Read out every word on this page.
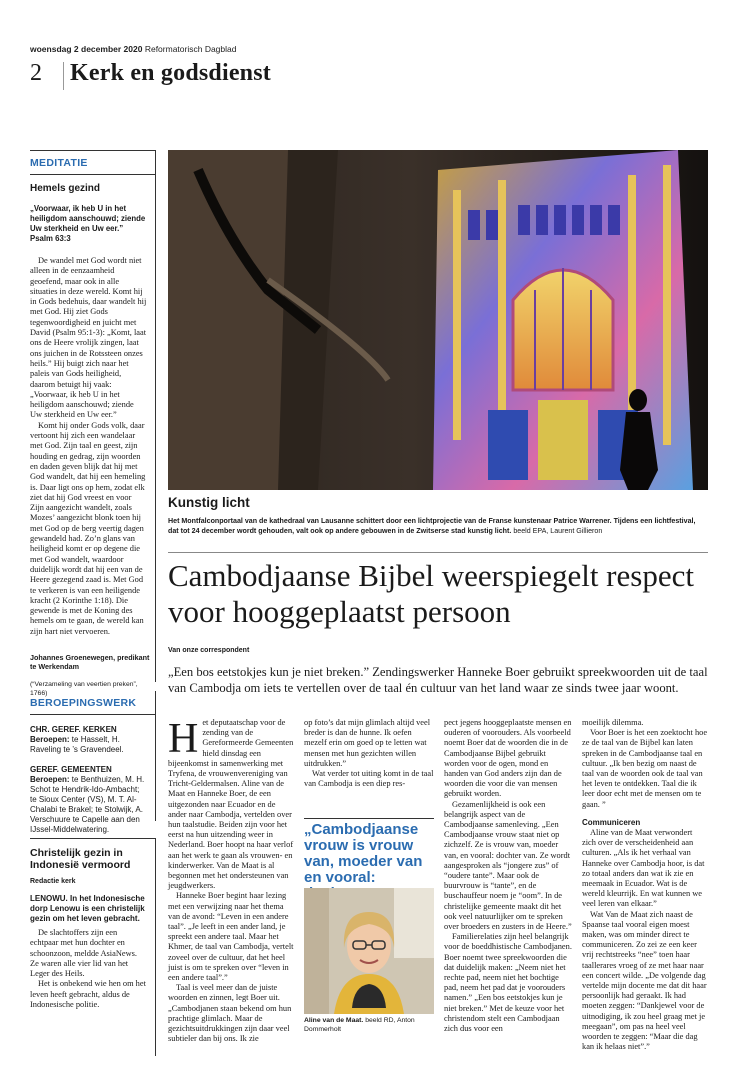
woensdag 2 december 2020 Reformatorisch Dagblad
2 Kerk en godsdienst
MEDITATIE
Hemels gezind
„Voorwaar, ik heb U in het heiligdom aanschouwd; ziende Uw sterkheid en Uw eer.”
Psalm 63:3

De wandel met God wordt niet alleen in de eenzaamheid geoefend, maar ook in alle situaties in deze wereld. Komt hij in Gods bedehuis, daar wandelt hij met God. Hij ziet Gods tegenwoordigheid en juicht met David (Psalm 95:1-3): „Komt, laat ons de Heere vrolijk zingen, laat ons juichen in de Rotssteen onzes heils.” Hij buigt zich naar het paleis van Gods heiligheid, daarom betuigt hij vaak: „Voorwaar, ik heb U in het heiligdom aanschouwd; ziende Uw sterkheid en Uw eer.”

Komt hij onder Gods volk, daar vertoont hij zich een wandelaar met God. Zijn taal en geest, zijn houding en gedrag, zijn woorden en daden geven blijk dat hij met God wandelt, dat hij een hemeling is. Daar ligt ons op hem, zodat elk ziet dat hij God vreest en voor Zijn aangezicht wandelt, zoals Mozes’ aangezicht blonk toen hij met God op de berg veertig dagen gewandeld had. Zo’n glans van heiligheid komt er op degene die met God wandelt, waardoor duidelijk wordt dat hij een van de Heere gezegend zaad is. Met God te verkeren is van een heiligende kracht (2 Korinthe 1:18). Die gewende is met de Koning des hemels om te gaan, de wereld kan zijn hart niet vervoeren.

Johannes Groenewegen, predikant te Werkendam
(“Verzameling van veertien preken”, 1766)
BEROEPINGSWERK
CHR. GEREF. KERKEN
Beroepen: te Hasselt, H. Raveling te ’s Gravendeel.
GEREF. GEMEENTEN
Beroepen: te Benthuizen, M. H. Schot te Hendrik-Ido-Ambacht; te Sioux Center (VS), M. T. Al-Chalabi te Brakel; te Stolwijk, A. Verschuure te Capelle aan den IJssel-Middelwatering.
Christelijk gezin in Indonesië vermoord
Redactie kerk
LENOWU. In het Indonesische dorp Lenowu is een christelijk gezin om het leven gebracht.

De slachtoffers zijn een echtpaar met hun dochter en schoonzoon, meldde AsiaNews. Ze waren alle vier lid van het Leger des Heils.

Het is onbekend wie hen om het leven heeft gebracht, aldus de Indonesische politie.

Kunstig licht
Het Montfalconportaal van de kathedraal van Lausanne schittert door een lichtprojectie van de Franse kunstenaar Patrice Warrener. Tijdens een lichtfestival, dat tot 24 december wordt gehouden, valt ook op andere gebouwen in de Zwitserse stad kunstig licht. beeld EPA, Laurent Gillieron
Cambodjaanse Bijbel weerspiegelt respect voor hooggeplaatst persoon
Van onze correspondent
„Een bos eetstokjes kun je niet breken.” Zendingswerker Hanneke Boer gebruikt spreekwoorden uit de taal van Cambodja om iets te vertellen over de taal én cultuur van het land waar ze sinds twee jaar woont.

Het deputaatschap voor de zending van de Gereformeerde Gemeenten hield dinsdag een bijeenkomst in samenwerking met Tryfena, de vrouwenvereniging van Tricht-Geldermalsen. Aline van de Maat en Hanneke Boer, de een uitgezonden naar Ecuador en de ander naar Cambodja, vertelden over hun taalstudie. Beiden zijn voor het eerst na hun uitzending weer in Nederland. Boer hoopt na haar verlof aan het werk te gaan als vrouwen- en kinderwerker. Van de Maat is al begonnen met het ondersteunen van jeugdwerkers.

Hanneke Boer begint haar lezing met een verwijzing naar het thema van de avond: “Leven in een andere taal”. „Je leeft in een ander land, je spreekt een andere taal. Maar het Khmer, de taal van Cambodja, vertelt zoveel over de cultuur, dat het heel juist is om te spreken over “leven in een andere taal”.”

Taal is veel meer dan de juiste woorden en zinnen, legt Boer uit. „Cambodjanen staan bekend om hun prachtige glimlach. Maar de gezichtsuitdrukkingen zijn daar veel subtieler dan bij ons. Ik zie

op foto’s dat mijn glimlach altijd veel breder is dan de hunne. Ik oefen mezelf erin om goed op te letten wat mensen met hun gezichten willen uitdrukken.”

Wat verder tot uiting komt in de taal van Cambodja is een diep res-

„Cambodjaanse vrouw is vrouw van, moeder van en vooral:
Aline van de Maat. beeld RD, Anton Dommerholt

pect jegens hooggeplaatste mensen en ouderen of voorouders. Als voorbeeld noemt Boer dat de woorden die in de Cambodjaanse Bijbel gebruikt worden voor de ogen, mond en handen van God anders zijn dan de woorden die voor die van mensen gebruikt worden.

Gezamenlijkheid is ook een belangrijk aspect van de Cambodjaanse samenleving. „Een Cambodjaanse vrouw staat niet op zichzelf. Ze is vrouw van, moeder van, en vooral: dochter van. Ze wordt aangesproken als “jongere zus” of “oudere tante”. Maar ook de buurvrouw is “tante”, en de buschauffeur noem je “oom”. In de christelijke gemeente maakt dit het ook veel natuurlijker om te spreken over broeders en zusters in de Heere.”

Familierelaties zijn heel belangrijk voor de boeddhistische Cambodjanen. Boer noemt twee spreekwoorden die dat duidelijk maken: „Neem niet het rechte pad, neem niet het bochtige pad, neem het pad dat je voorouders namen.” „Een bos eetstokjes kun je niet breken.” Met de keuze voor het christendom stelt een Cambodjaan zich dus voor een

moeilijk dilemma.

Voor Boer is het een zoektocht hoe ze de taal van de Bijbel kan laten spreken in de Cambodjaanse taal en cultuur. „Ik ben bezig om naast de taal van de woorden ook de taal van het leven te ontdekken. Taal die ik leer door echt met de mensen om te gaan. ”

Communiceren

Aline van de Maat verwondert zich over de verscheidenheid aan culturen. „Als ik het verhaal van Hanneke over Cambodja hoor, is dat zo totaal anders dan wat ik zie en meemaak in Ecuador. Wat is de wereld kleurrijk. En wat kunnen we veel leren van elkaar.”

Wat Van de Maat zich naast de Spaanse taal vooral eigen moest maken, was om minder direct te communiceren. Zo zei ze een keer vrij rechtstreeks “nee” toen haar taallerares vroeg of ze met haar naar een concert wilde. „De volgende dag vertelde mijn docente me dat dit haar persoonlijk had geraakt. Ik had moeten zeggen: “Dankjewel voor de uitnodiging, ik zou heel graag met je meegaan”, om pas na heel veel woorden te zeggen: “Maar die dag kan ik helaas niet”.”
